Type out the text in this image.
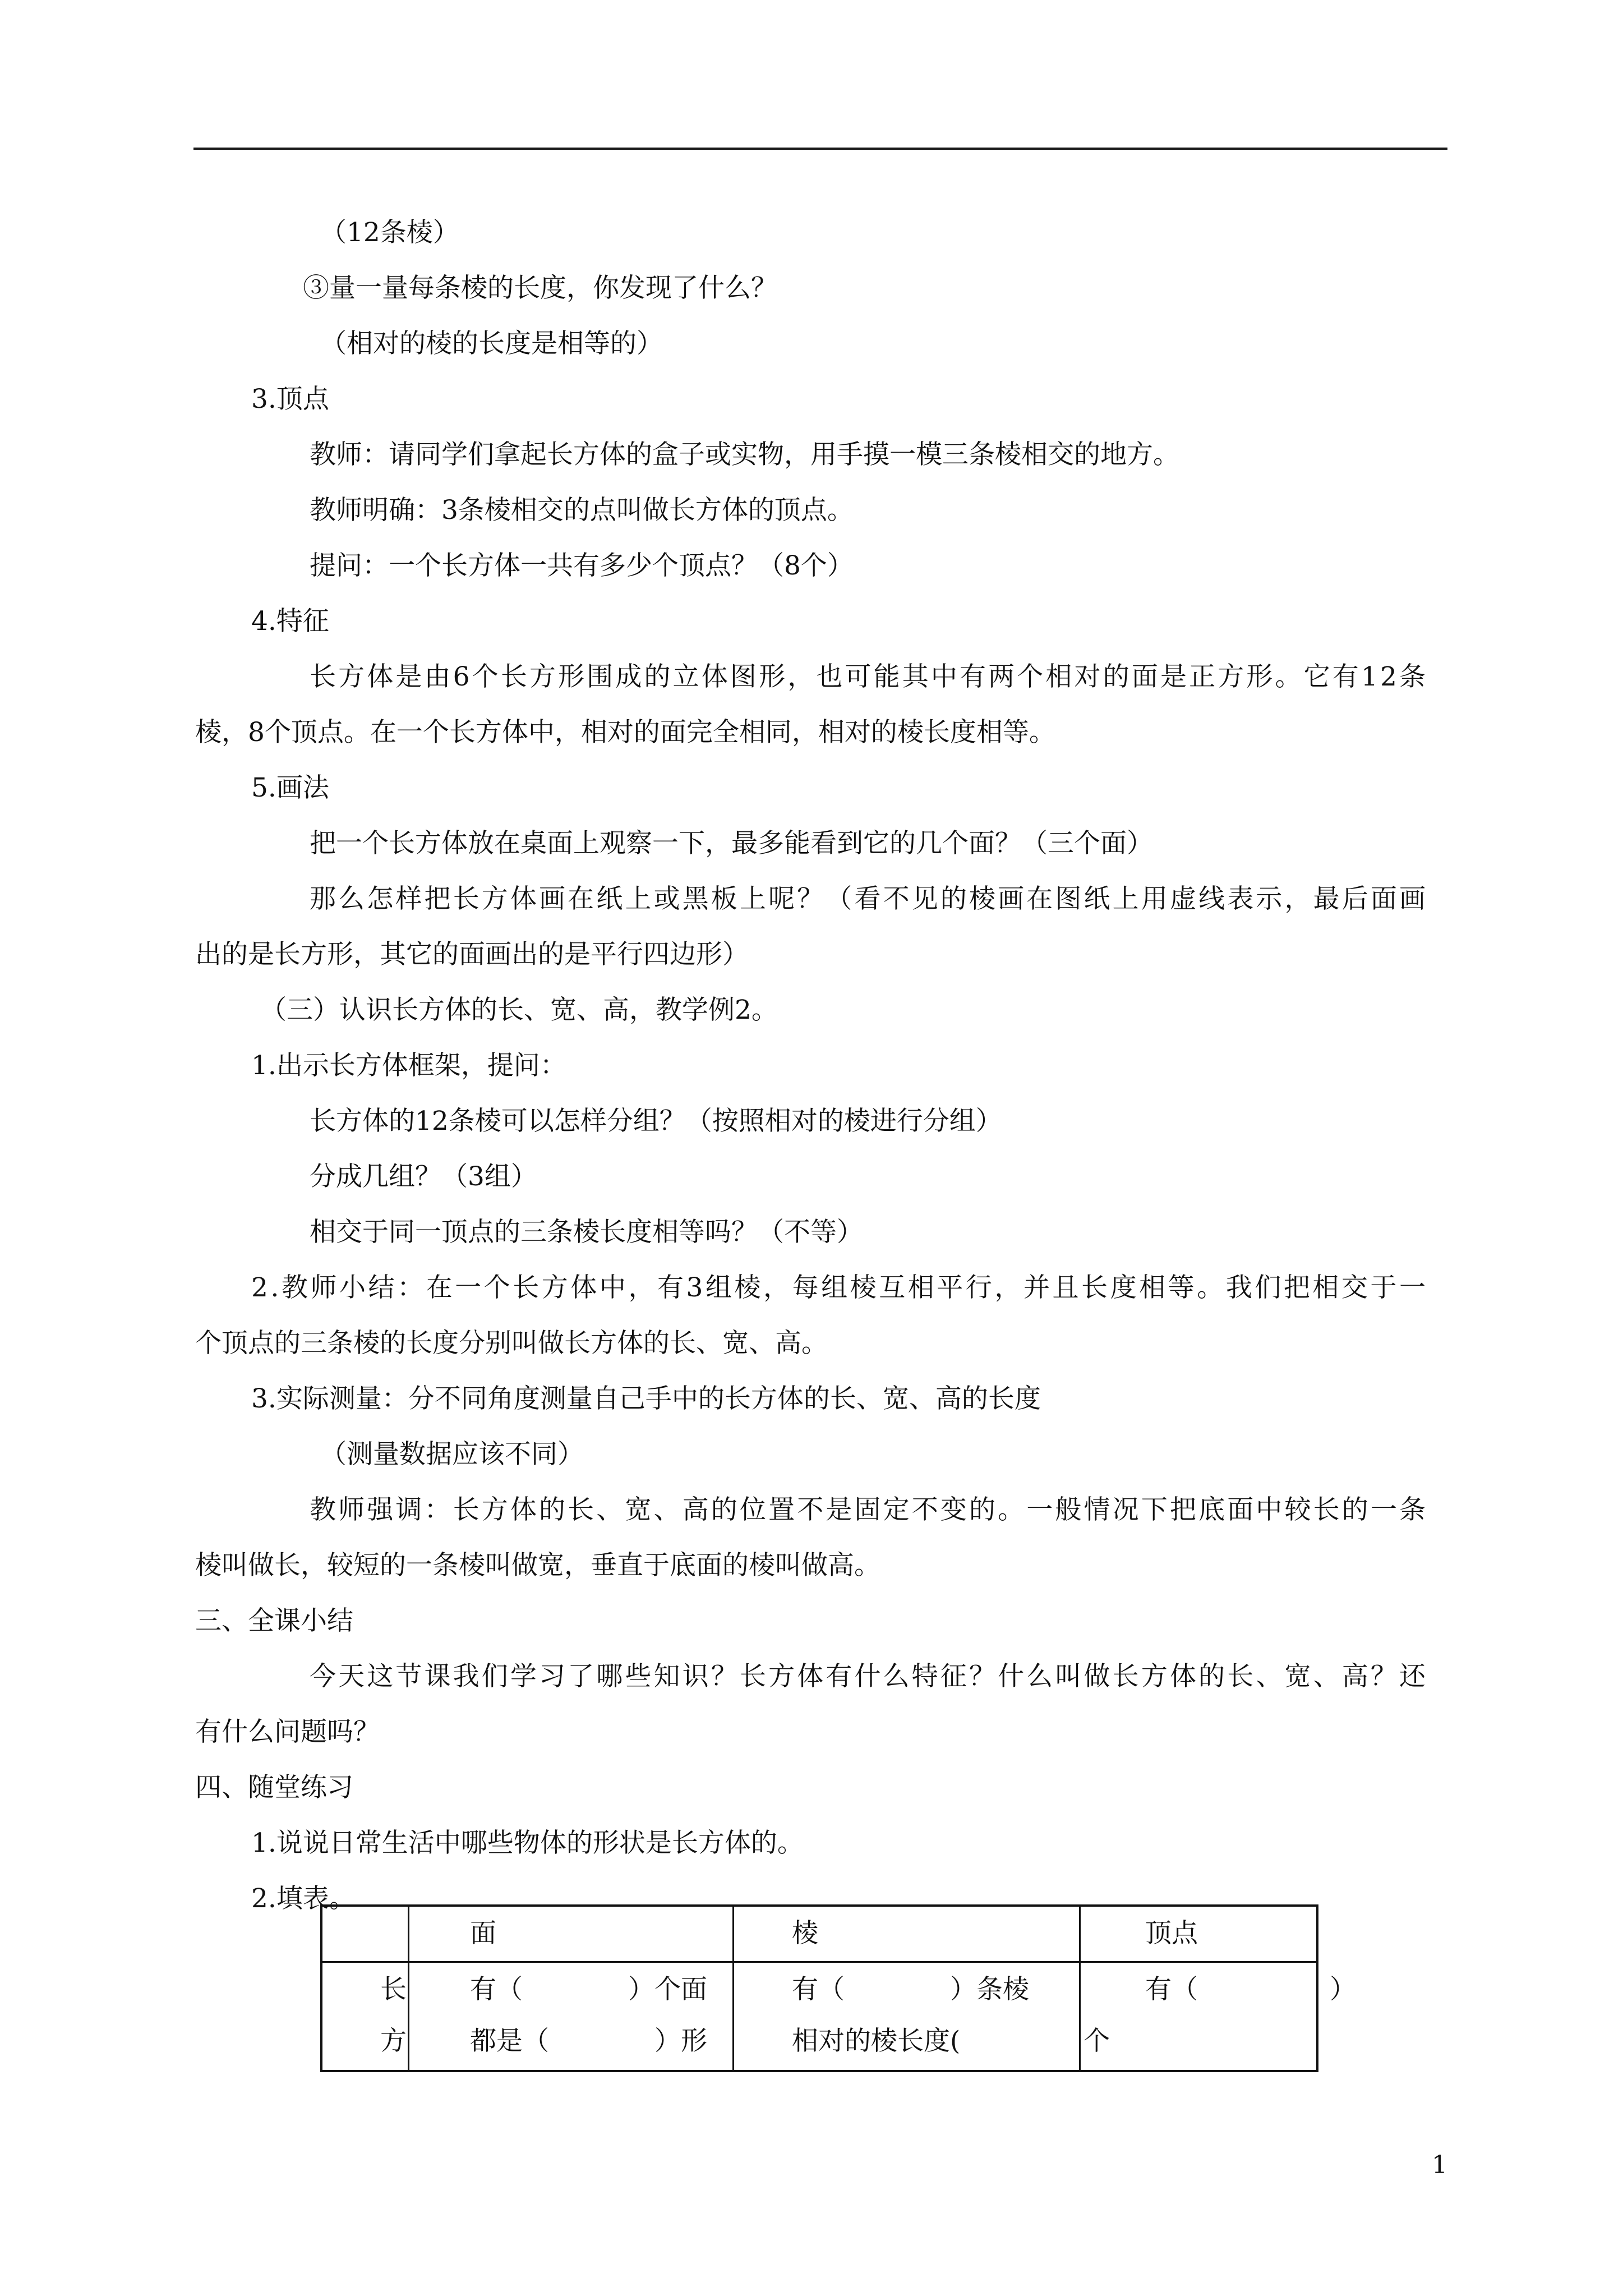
（12条棱）
③量一量每条棱的长度，你发现了什么？
（相对的棱的长度是相等的）
3.顶点
教师：请同学们拿起长方体的盒子或实物，用手摸一模三条棱相交的地方。
教师明确：3条棱相交的点叫做长方体的顶点。
提问：一个长方体一共有多少个顶点？（8个）
4.特征
长方体是由6个长方形围成的立体图形，也可能其中有两个相对的面是正方形。它有12条
棱，8个顶点。在一个长方体中，相对的面完全相同，相对的棱长度相等。
5.画法
把一个长方体放在桌面上观察一下，最多能看到它的几个面？（三个面）
那么怎样把长方体画在纸上或黑板上呢？（看不见的棱画在图纸上用虚线表示，最后面画
出的是长方形，其它的面画出的是平行四边形）
（三）认识长方体的长、宽、高，教学例2。
1.出示长方体框架，提问：
长方体的12条棱可以怎样分组？（按照相对的棱进行分组）
分成几组？（3组）
相交于同一顶点的三条棱长度相等吗？（不等）
2.教师小结：在一个长方体中，有3组棱，每组棱互相平行，并且长度相等。我们把相交于一
个顶点的三条棱的长度分别叫做长方体的长、宽、高。
3.实际测量：分不同角度测量自己手中的长方体的长、宽、高的长度
（测量数据应该不同）
教师强调：长方体的长、宽、高的位置不是固定不变的。一般情况下把底面中较长的一条
棱叫做长，较短的一条棱叫做宽，垂直于底面的棱叫做高。
三、全课小结
今天这节课我们学习了哪些知识？长方体有什么特征？什么叫做长方体的长、宽、高？还
有什么问题吗？
四、随堂练习
1.说说日常生活中哪些物体的形状是长方体的。
2.填表。
面	棱	顶点
长
方
有（　　　　）个面
都是（　　　　）形
有（　　　　）条棱
相对的棱长度(
有（　　　　　）
个
1
